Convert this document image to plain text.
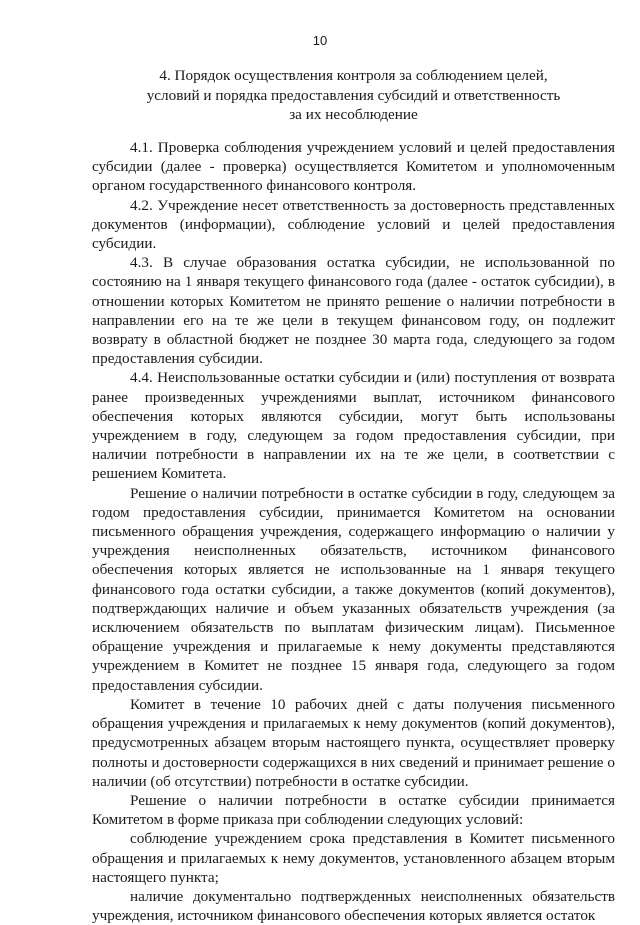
10
4. Порядок осуществления контроля за соблюдением целей,
условий и порядка предоставления субсидий и ответственность
за их несоблюдение

4.1. Проверка соблюдения учреждением условий и целей предоставления субсидии (далее - проверка) осуществляется Комитетом и уполномоченным органом государственного финансового контроля.

4.2. Учреждение несет ответственность за достоверность представленных документов (информации), соблюдение условий и целей предоставления субсидии.

4.3. В случае образования остатка субсидии, не использованной по состоянию на 1 января текущего финансового года (далее - остаток субсидии), в отношении которых Комитетом не принято решение о наличии потребности в направлении его на те же цели в текущем финансовом году, он подлежит возврату в областной бюджет не позднее 30 марта года, следующего за годом предоставления субсидии.

4.4. Неиспользованные остатки субсидии и (или) поступления от возврата ранее произведенных учреждениями выплат, источником финансового обеспечения которых являются субсидии, могут быть использованы учреждением в году, следующем за годом предоставления субсидии, при наличии потребности в направлении их на те же цели, в соответствии с решением Комитета.

Решение о наличии потребности в остатке субсидии в году, следующем за годом предоставления субсидии, принимается Комитетом на основании письменного обращения учреждения, содержащего информацию о наличии у учреждения неисполненных обязательств, источником финансового обеспечения которых является не использованные на 1 января текущего финансового года остатки субсидии, а также документов (копий документов), подтверждающих наличие и объем указанных обязательств учреждения (за исключением обязательств по выплатам физическим лицам). Письменное обращение учреждения и прилагаемые к нему документы представляются учреждением в Комитет не позднее 15 января года, следующего за годом предоставления субсидии.

Комитет в течение 10 рабочих дней с даты получения письменного обращения учреждения и прилагаемых к нему документов (копий документов), предусмотренных абзацем вторым настоящего пункта, осуществляет проверку полноты и достоверности содержащихся в них сведений и принимает решение о наличии (об отсутствии) потребности в остатке субсидии.

Решение о наличии потребности в остатке субсидии принимается Комитетом в форме приказа при соблюдении следующих условий:

соблюдение учреждением срока представления в Комитет письменного обращения и прилагаемых к нему документов, установленного абзацем вторым настоящего пункта;

наличие документально подтвержденных неисполненных обязательств учреждения, источником финансового обеспечения которых является остаток
